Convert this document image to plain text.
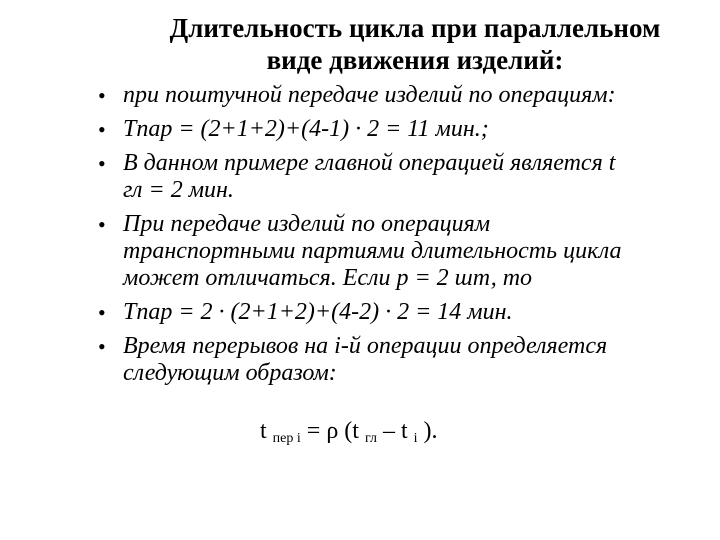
Длительность цикла при параллельном
виде движения изделий:
• при поштучной передаче изделий по операциям:
• Tпар = (2+1+2)+(4-1) · 2 = 11 мин.;
• В данном примере главной операцией является t
гл = 2 мин.
• При передаче изделий по операциям
транспортными партиями длительность цикла
может отличаться. Если p = 2 шт, то
• Tпар = 2 · (2+1+2)+(4-2) · 2 = 14 мин.
• Время перерывов на i-й операции определяется
следующим образом:
t $_{пер i}$ = ρ (t $_{гл}$ – t $_i$ ).
